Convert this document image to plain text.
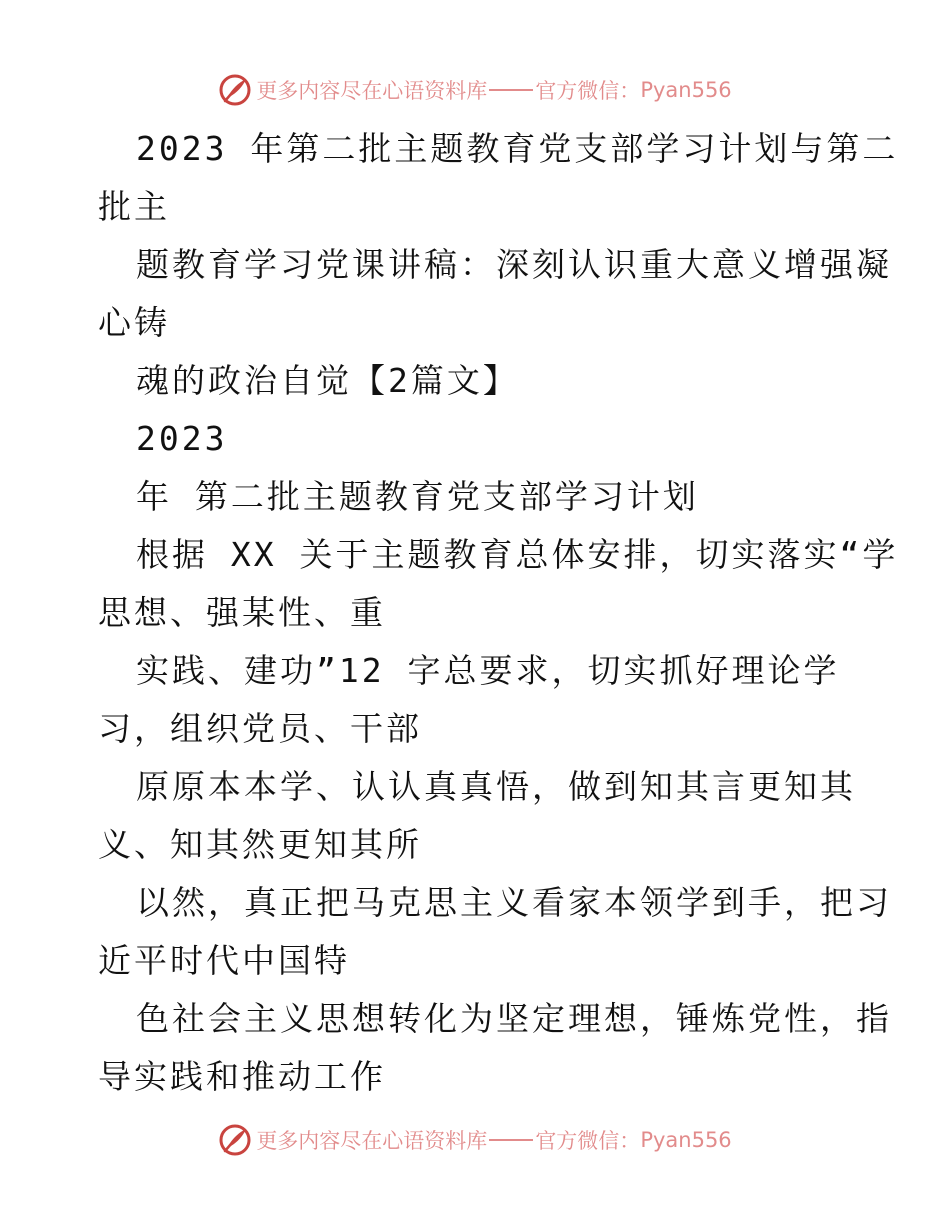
更多内容尽在心语资料库 官方微信： Pyan556
2023 年第二批主题教育党支部学习计划与第二
批主
题教育学习党课讲稿：深刻认识重大意义增强凝
心铸
魂的政治自觉【2篇文】
2023
年 第二批主题教育党支部学习计划
根据 XX 关于主题教育总体安排，切实落实“学
思想、强某性、重
实践、建功”12 字总要求，切实抓好理论学
习，组织党员、干部
原原本本学、认认真真悟，做到知其言更知其
义、知其然更知其所
以然，真正把马克思主义看家本领学到手，把习
近平时代中国特
色社会主义思想转化为坚定理想，锤炼党性，指
导实践和推动工作
更多内容尽在心语资料库 官方微信： Pyan556
